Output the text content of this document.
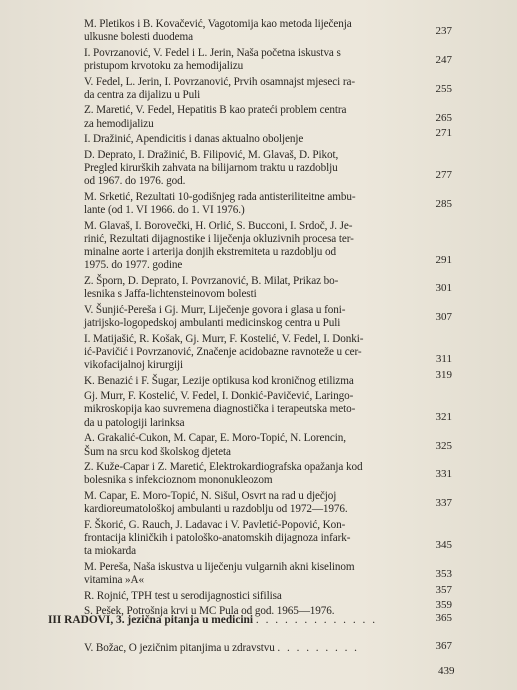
M. Pletikos i B. Kovačević, Vagotomija kao metoda liječenja
ulkusne bolesti duodema	237
I. Povrzanović, V. Fedel i L. Jerin, Naša početna iskustva s
pristupom krvotoku za hemodijalizu	247
V. Fedel, L. Jerin, I. Povrzanović, Prvih osamnajst mjeseci ra-
da centra za dijalizu u Puli	255
Z. Maretić, V. Fedel, Hepatitis B kao prateći problem centra
za hemodijalizu	265
I. Dražinić, Apendicitis i danas aktualno oboljenje	271
D. Deprato, I. Dražinić, B. Filipović, M. Glavaš, D. Pikot,
Pregled kirurških zahvata na bilijarnom traktu u razdoblju
od 1967. do 1976. god.	277
M. Srketić, Rezultati 10-godišnjeg rada antisteriliteitne ambu-
lante (od 1. VI 1966. do 1. VI 1976.)	285
M. Glavaš, I. Borovečki, H. Orlić, S. Bucconi, I. Srdoč, J. Je-
rinić, Rezultati dijagnostike i liječenja okluzivnih procesa ter-
minalne aorte i arterija donjih ekstremiteta u razdoblju od
1975. do 1977. godine	291
Z. Šporn, D. Deprato, I. Povrzanović, B. Milat, Prikaz bo-
lesnika s Jaffa-lichtensteinovom bolesti	301
V. Šunjić-Pereša i Gj. Murr, Liječenje govora i glasa u foni-
jatrijsko-logopedskoj ambulanti medicinskog centra u Puli	307
I. Matijašić, R. Košak, Gj. Murr, F. Kostelić, V. Fedel, I. Donki-
ić-Pavičić i Povrzanović, Značenje acidobazne ravnoteže u cer-
vikofacijalnoj kirurgiji	311
K. Benazić i F. Šugar, Lezije optikusa kod kroničnog etilizma	319
Gj. Murr, F. Kostelić, V. Fedel, I. Donkić-Pavičević, Laringo-
mikroskopija kao suvremena diagnostička i terapeutska meto-
da u patologiji larinksa	321
A. Grakalić-Cukon, M. Capar, E. Moro-Topić, N. Lorencin,
Šum na srcu kod školskog djeteta	325
Z. Kuže-Capar i Z. Maretić, Elektrokardiografska opažanja kod
bolesnika s infekcioznom mononukleozom	331
M. Capar, E. Moro-Topić, N. Sišul, Osvrt na rad u dječjoj
kardioreumatološkoj ambulanti u razdoblju od 1972—1976.	337
F. Škorić, G. Rauch, J. Ladavac i V. Pavletić-Popović, Kon-
frontacija kliničkih i patološko-anatomskih dijagnoza infark-
ta miokarda	345
M. Pereša, Naša iskustva u liječenju vulgarnih akni kiselinom
vitamina »A«	353
R. Rojnić, TPH test u serodijagnostici sifilisa	357
S. Pešek, Potrošnja krvi u MC Pula od god. 1965—1976.	359
III RADOVI, 3. jezična pitanja u medicini . . . . . . . . . . . . .	365
V. Božac, O jezičnim pitanjima u zdravstvu . . . . . . . . .	367
439
